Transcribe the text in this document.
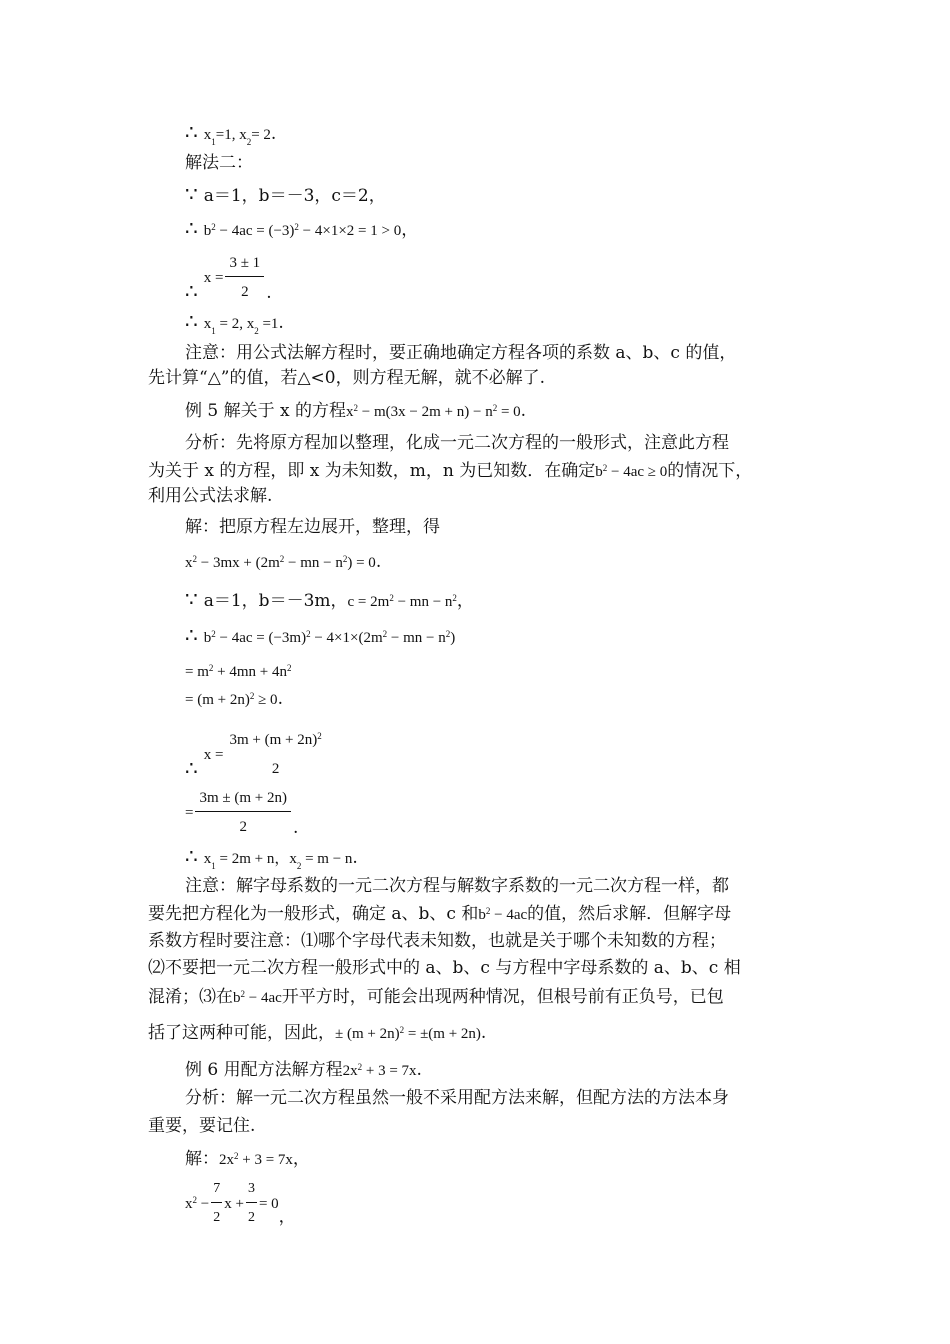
∴ $x_1=1$, $x_2= 2$.
解法二：
∵ a＝1，b＝－3，c＝2，
∴ $b^2 - 4ac = (-3)^2 - 4\times 1\times 2 = 1 > 0$，
∴x = $\frac{3 \pm 1}{2}$ .
∴ $x_1 = 2$, $x_2 =1$.
注意：用公式法解方程时，要正确地确定方程各项的系数 a、b、c 的值，
先计算“△”的值，若△<0，则方程无解，就不必解了.
例 5 解关于 x 的方程$x^2 - m(3x - 2m + n) - n^2 = 0$.
分析：先将原方程加以整理，化成一元二次方程的一般形式，注意此方程
为关于 x 的方程，即 x 为未知数，m，n 为已知数．在确定$b^2 - 4ac \ge 0$的情况下，
利用公式法求解.
解：把原方程左边展开，整理，得
$x^2 - 3mx + (2m^2$ − mn − $n^2) = 0$.
∵ a＝1，b＝－3m，$c = 2m^2$ − mn − $n^2$，
∴ $b^2 - 4ac = (-3m)^2 - 4\times 1\times(2m^2$ − mn − $n^2$)
= $m^2 + 4mn + 4n^2$
= $(m + 2n)^2 \ge 0$.
∴x =
$3m + (m + 2n)^2$
2
= $\frac{3m \pm (m + 2n)}{2}$ .
∴ $x_1 = 2m + n$，$x_2 = m - n$.
注意：解字母系数的一元二次方程与解数字系数的一元二次方程一样，都
要先把方程化为一般形式，确定 a、b、c 和$b^2 - 4ac$的值，然后求解．但解字母
系数方程时要注意：⑴哪个字母代表未知数，也就是关于哪个未知数的方程；
⑵不要把一元二次方程一般形式中的 a、b、c 与方程中字母系数的 a、b、c 相
混淆；⑶在$b^2 - 4ac$开平方时，可能会出现两种情况，但根号前有正负号，已包
括了这两种可能，因此，± $(m + 2n)^2 = \pm(m + 2n)$.
例 6 用配方法解方程$2x^2 + 3 = 7x$.
分析：解一元二次方程虽然一般不采用配方法来解，但配方法的方法本身
重要，要记住.
解：$2x^2 + 3 = 7x$，
$x^2 - \frac{7}{2}$ $x + \frac{3}{2} = 0$，
